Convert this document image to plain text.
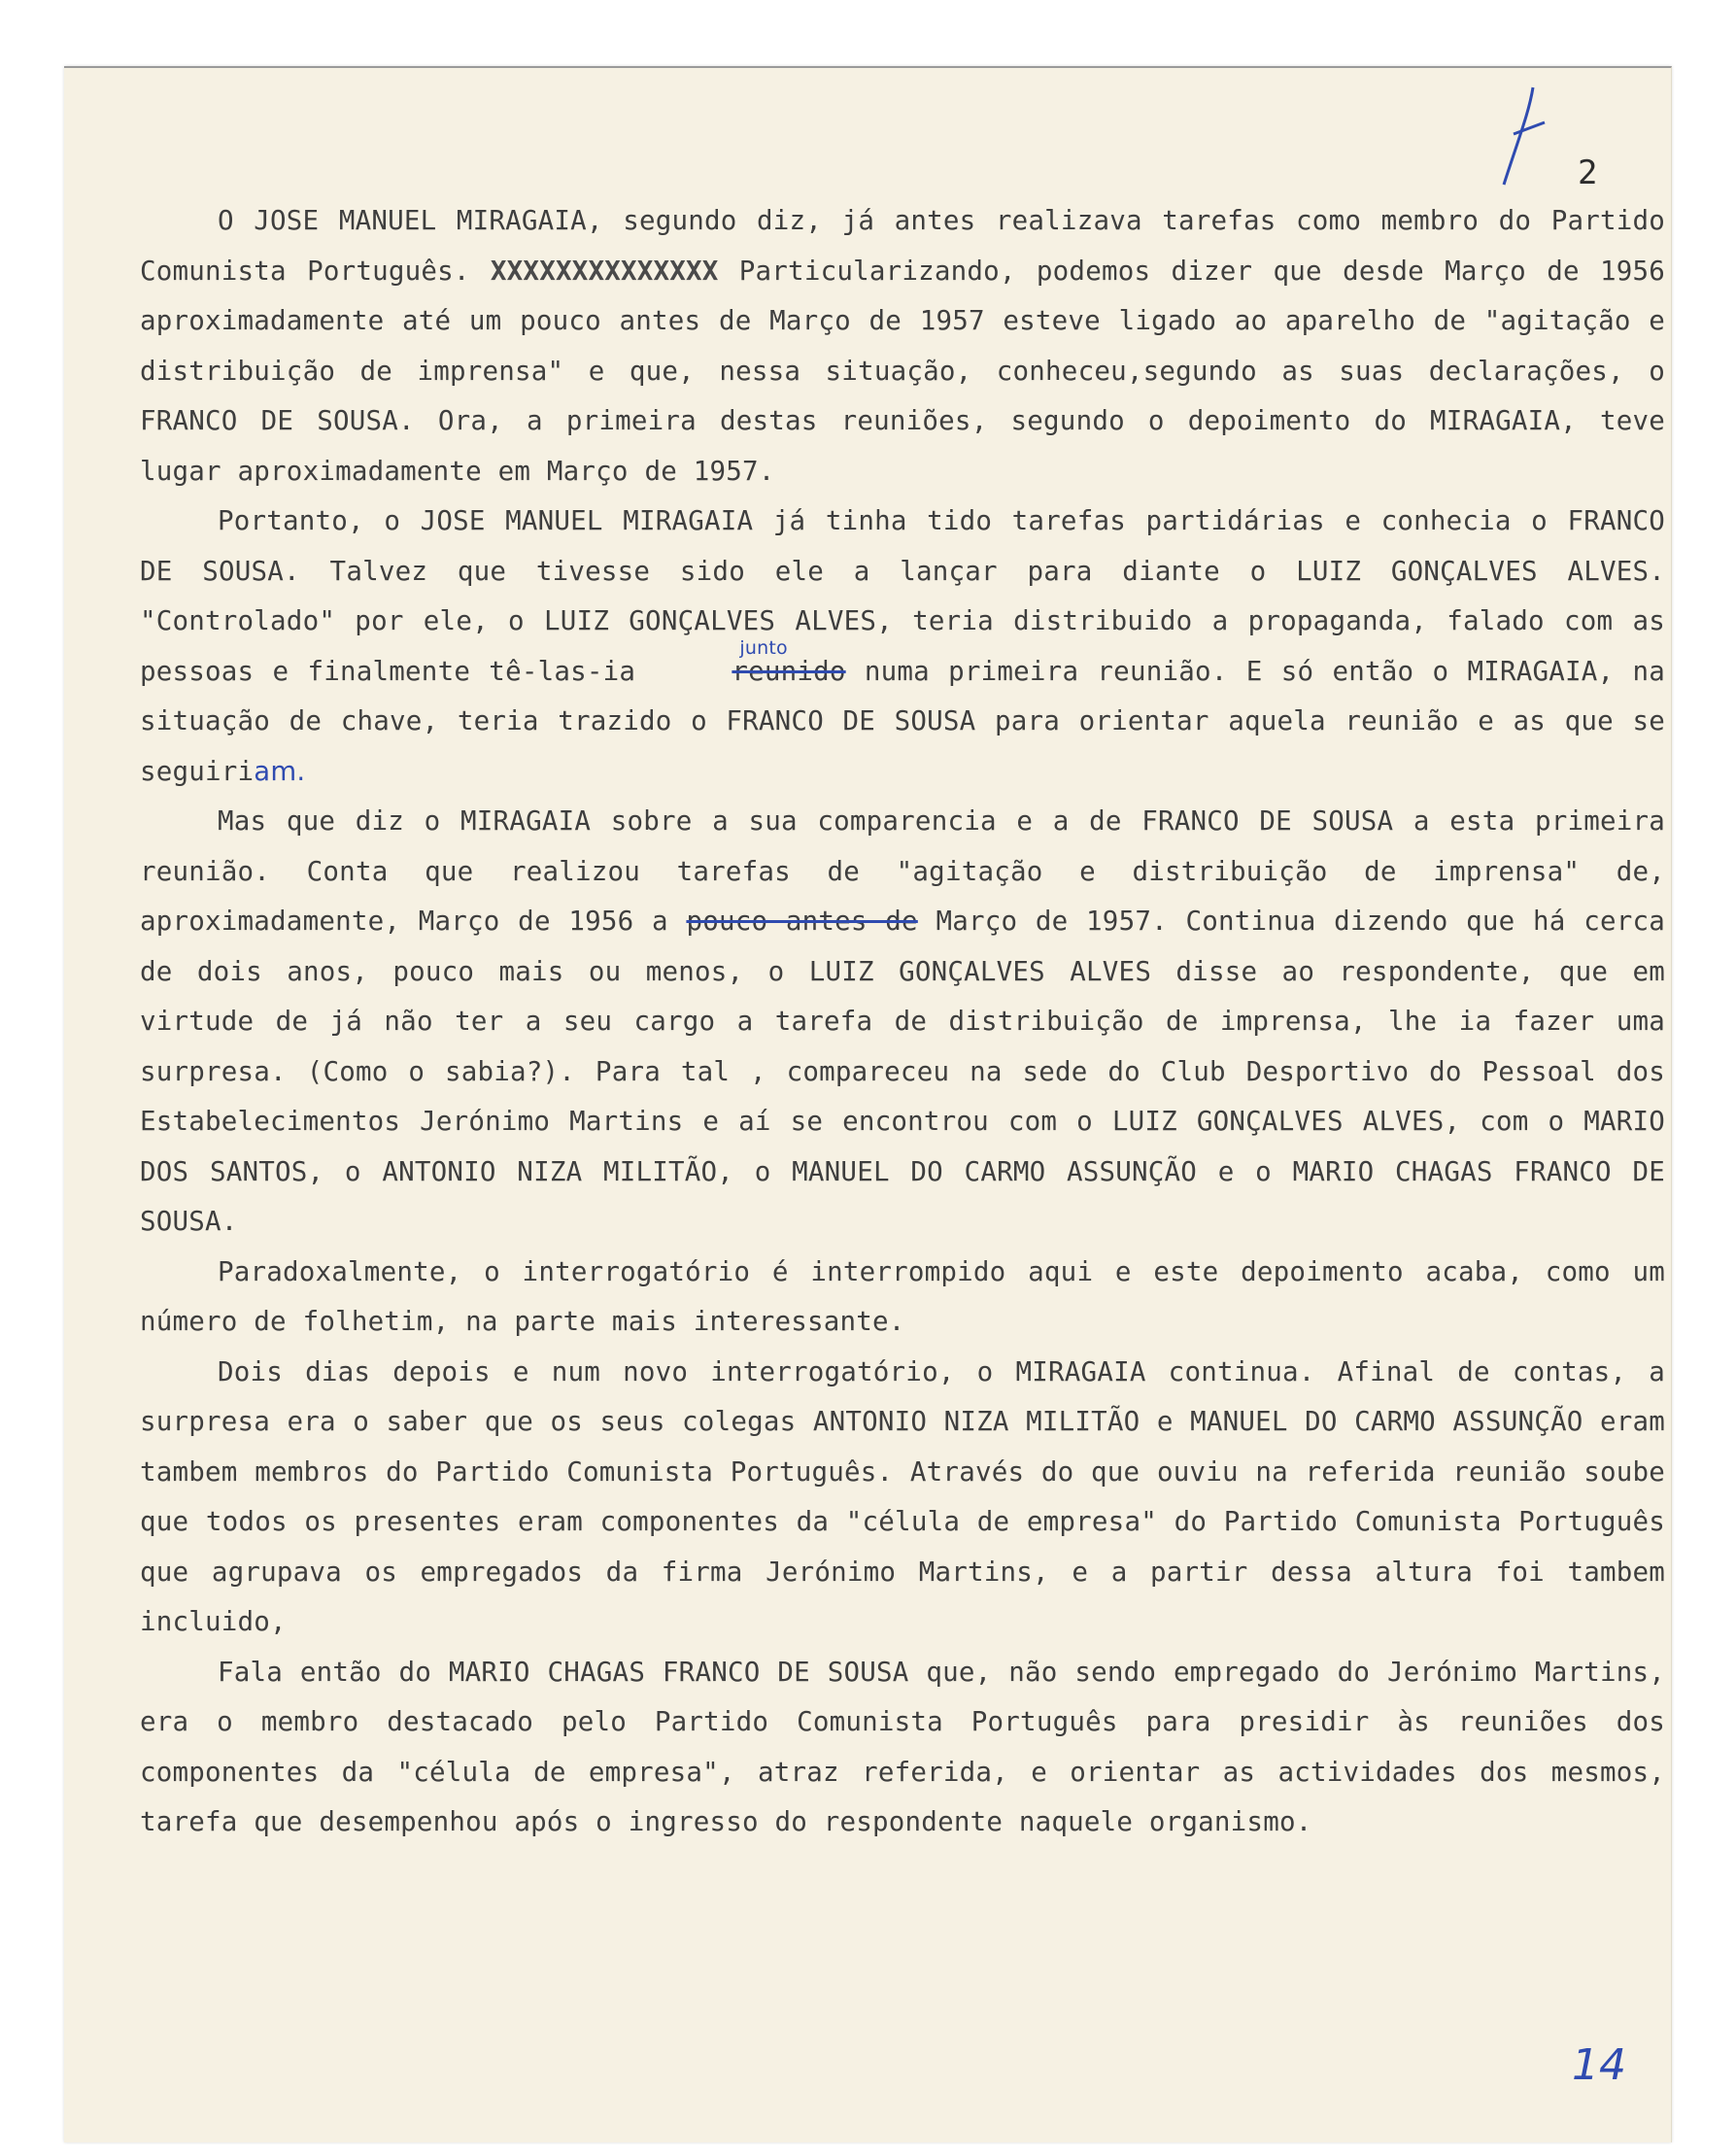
2

O JOSE MANUEL MIRAGAIA, segundo diz, já antes realizava tarefas como membro do Partido Comunista Português. XXXXXXXXXXXXXX Particularizando, podemos dizer que desde Março de 1956 aproximadamente até um pouco antes de Março de 1957 esteve ligado ao aparelho de "agitação e distribuição de imprensa" e que, nessa situação, conheceu,segundo as suas declarações, o FRANCO DE SOUSA. Ora, a primeira destas reuniões, segundo o depoimento do MIRAGAIA, teve lugar aproximadamente em Março de 1957.

Portanto, o JOSE MANUEL MIRAGAIA já tinha tido tarefas partidárias e conhecia o FRANCO DE SOUSA. Talvez que tivesse sido ele a lançar para diante o LUIZ GONÇALVES ALVES. "Controlado" por ele, o LUIZ GONÇALVES ALVES, teria distribuido a propaganda, falado com as pessoas e finalmente tê-las-ia
junto
reunido numa primeira reunião. E só então o MIRAGAIA, na situação de chave, teria trazido o FRANCO DE SOUSA para orientar aquela reunião e as que se seguiriam.

Mas que diz o MIRAGAIA sobre a sua comparencia e a de FRANCO DE SOUSA a esta primeira reunião. Conta que realizou tarefas de "agitação e distribuição de imprensa" de, aproximadamente, Março de 1956 a pouco antes de Março de 1957. Continua dizendo que há cerca de dois anos, pouco mais ou menos, o LUIZ GONÇALVES ALVES disse ao respondente, que em virtude de já não ter a seu cargo a tarefa de distribuição de imprensa, lhe ia fazer uma surpresa. (Como o sabia?). Para tal , compareceu na sede do Club Desportivo do Pessoal dos Estabelecimentos Jerónimo Martins e aí se encontrou com o LUIZ GONÇALVES ALVES, com o MARIO DOS SANTOS, o ANTONIO NIZA MILITÃO, o MANUEL DO CARMO ASSUNÇÃO e o MARIO CHAGAS FRANCO DE SOUSA.

Paradoxalmente, o interrogatório é interrompido aqui e este depoimento acaba, como um número de folhetim, na parte mais interessante.

Dois dias depois e num novo interrogatório, o MIRAGAIA continua. Afinal de contas, a surpresa era o saber que os seus colegas ANTONIO NIZA MILITÃO e MANUEL DO CARMO ASSUNÇÃO eram tambem membros do Partido Comunista Português. Através do que ouviu na referida reunião soube que todos os presentes eram componentes da "célula de empresa" do Partido Comunista Português que agrupava os empregados da firma Jerónimo Martins, e a partir dessa altura foi tambem incluido,

Fala então do MARIO CHAGAS FRANCO DE SOUSA que, não sendo empregado do Jerónimo Martins, era o membro destacado pelo Partido Comunista Português para presidir às reuniões dos componentes da "célula de empresa", atraz referida, e orientar as actividades dos mesmos, tarefa que desempenhou após o ingresso do respondente naquele organismo.

14
